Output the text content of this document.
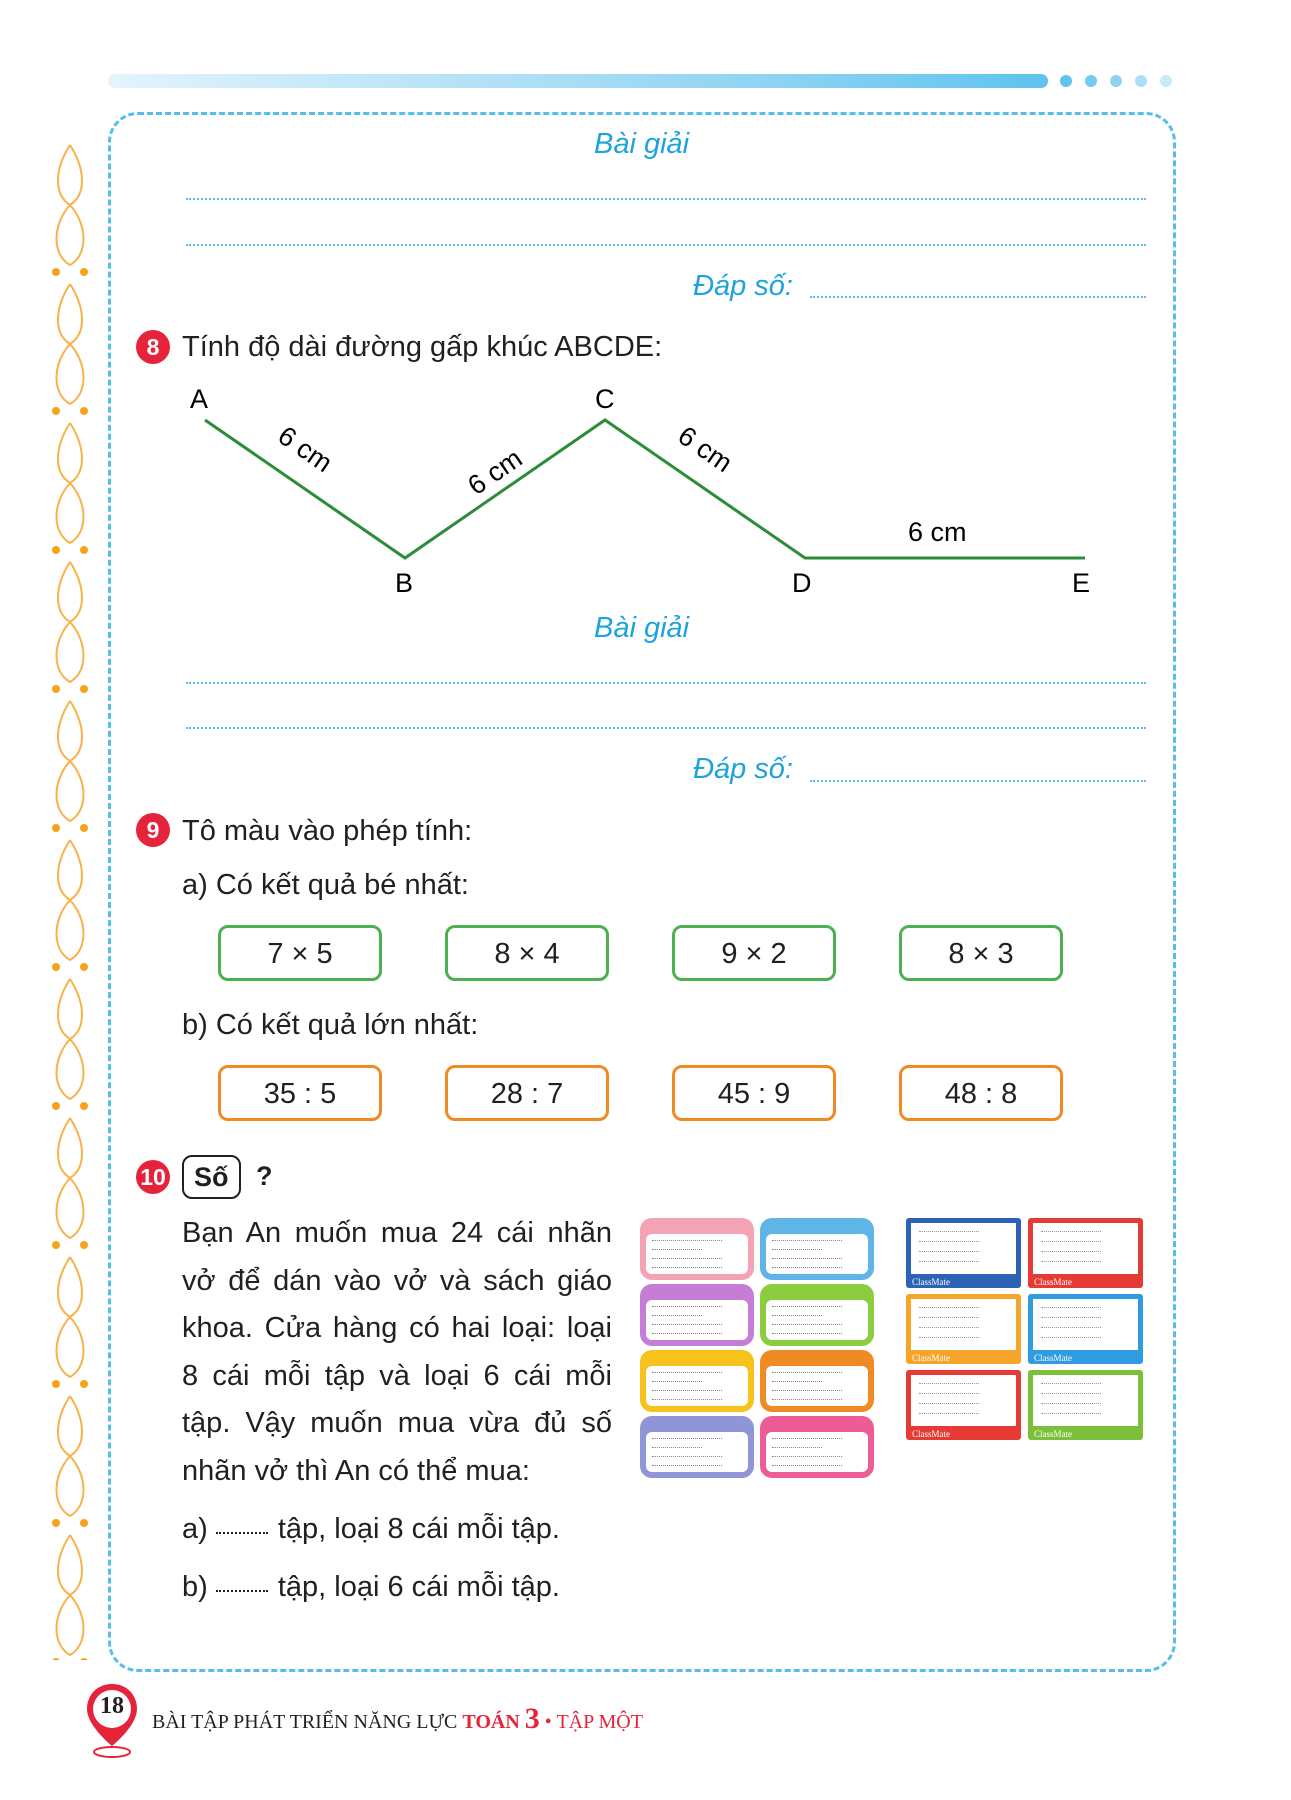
Bài giải
Đáp số:
8 Tính độ dài đường gấp khúc ABCDE:
A
B
C
D	E
6 cm	6 cm	6 cm
6 cm
Bài giải
Đáp số:
9 Tô màu vào phép tính:
a) Có kết quả bé nhất:
7 × 5	8 × 4	9 × 2	8 × 3
b) Có kết quả lớn nhất:
35 : 5	28 : 7	45 : 9	48 : 8
10	Số	?
Bạn An muốn mua 24 cái nhãn
vở để dán vào vở và sách giáo
khoa. Cửa hàng có hai loại: loại
8 cái mỗi tập và loại 6 cái mỗi
tập. Vậy muốn mua vừa đủ số
nhãn vở thì An có thể mua:
a) tập, loại 8 cái mỗi tập.
b) tập, loại 6 cái mỗi tập.
ClassMate	ClassMate
ClassMate	ClassMate
ClassMate	ClassMate
18
BÀI TẬP PHÁT TRIỂN NĂNG LỰC TOÁN 3 • TẬP MỘT
